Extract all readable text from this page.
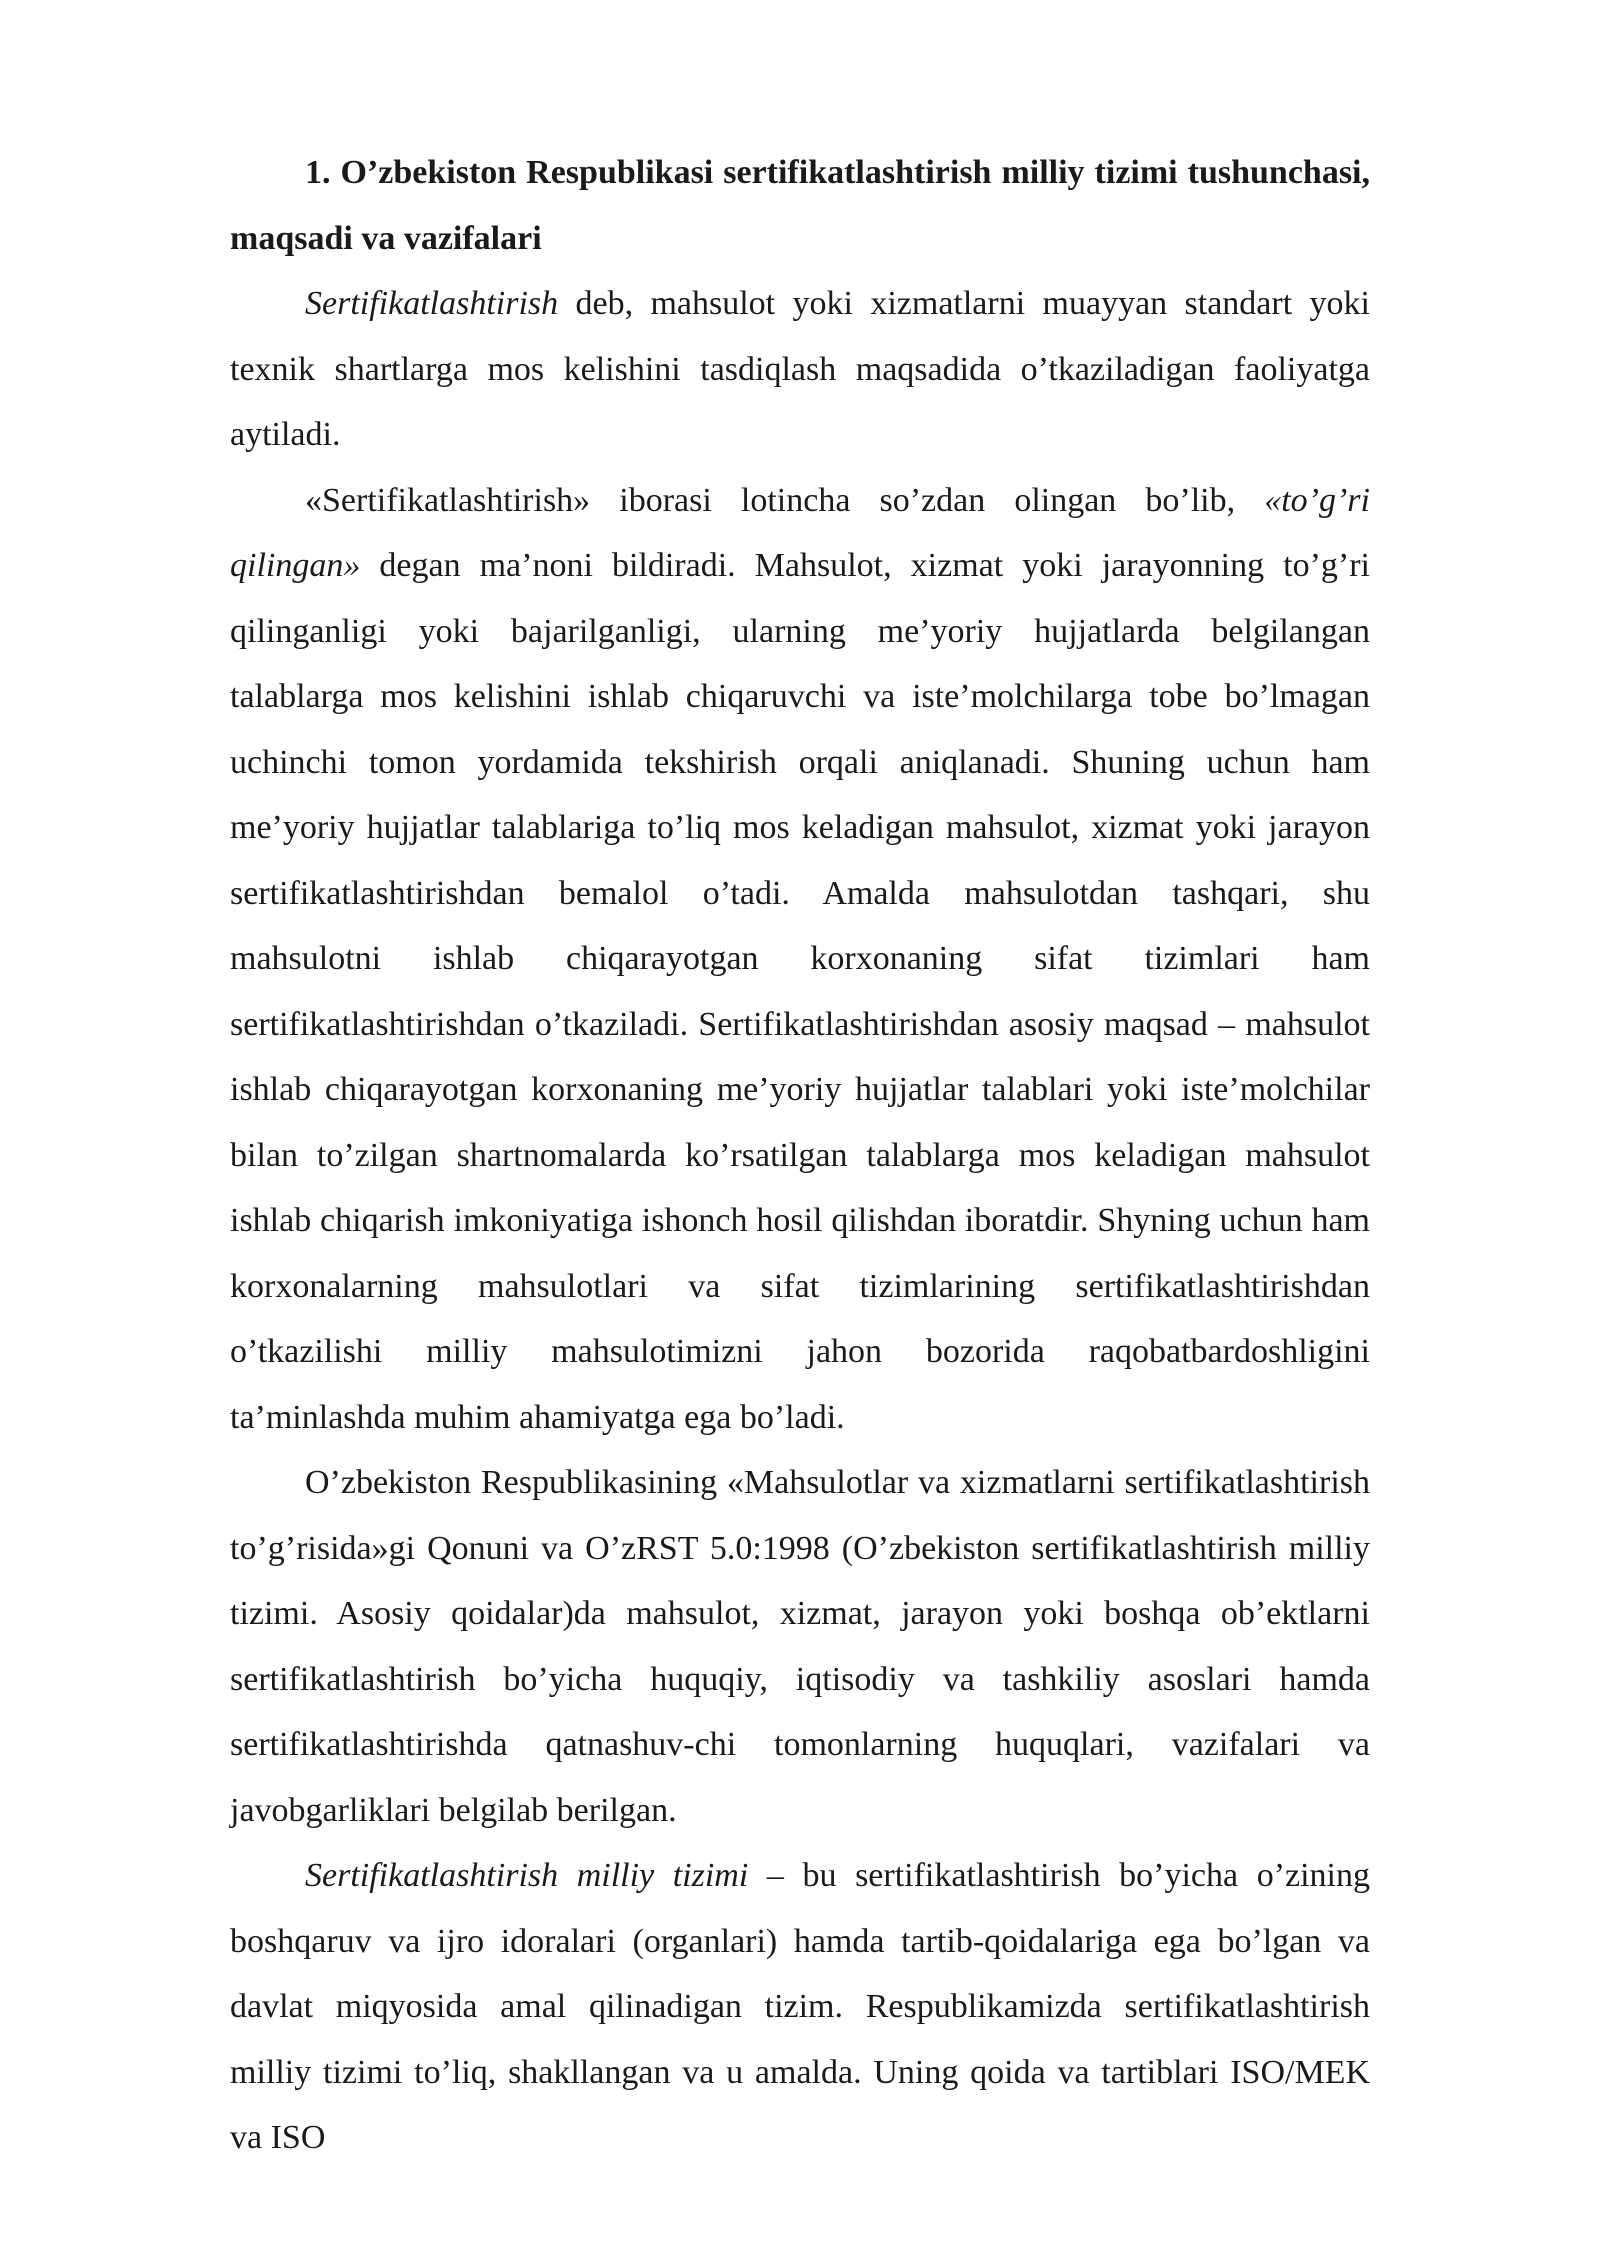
1. O’zbekiston Respublikasi sertifikatlashtirish milliy tizimi tushunchasi, maqsadi va vazifalari

Sertifikatlashtirish deb, mahsulot yoki xizmatlarni muayyan standart yoki texnik shartlarga mos kelishini tasdiqlash maqsadida o’tkaziladigan faoliyatga aytiladi.

«Sertifikatlashtirish» iborasi lotincha so’zdan olingan bo’lib, «to’g’ri qilingan» degan ma’noni bildiradi. Mahsulot, xizmat yoki jarayonning to’g’ri qilinganligi yoki bajarilganligi, ularning me’yoriy hujjatlarda belgilangan talablarga mos kelishini ishlab chiqaruvchi va iste’molchilarga tobe bo’lmagan uchinchi tomon yordamida tekshirish orqali aniqlanadi. Shuning uchun ham me’yoriy hujjatlar talablariga to’liq mos keladigan mahsulot, xizmat yoki jarayon sertifikatlashtirishdan bemalol o’tadi. Amalda mahsulotdan tashqari, shu mahsulotni ishlab chiqarayotgan korxonaning sifat tizimlari ham sertifikatlashtirishdan o’tkaziladi. Sertifikatlashtirishdan asosiy maqsad – mahsulot ishlab chiqarayotgan korxonaning me’yoriy hujjatlar talablari yoki iste’molchilar bilan to’zilgan shartnomalarda ko’rsatilgan talablarga mos keladigan mahsulot ishlab chiqarish imkoniyatiga ishonch hosil qilishdan iboratdir. Shyning uchun ham korxonalarning mahsulotlari va sifat tizimlarining sertifikatlashtirishdan o’tkazilishi milliy mahsulotimizni jahon bozorida raqobatbardoshligini ta’minlashda muhim ahamiyatga ega bo’ladi.

O’zbekiston Respublikasining «Mahsulotlar va xizmatlarni sertifikatlashtirish to’g’risida»gi Qonuni va O’zRST 5.0:1998 (O’zbekiston sertifikatlashtirish milliy tizimi. Asosiy qoidalar)da mahsulot, xizmat, jarayon yoki boshqa ob’ektlarni sertifikatlashtirish bo’yicha huquqiy, iqtisodiy va tashkiliy asoslari hamda sertifikatlashtirishda qatnashuv-chi tomonlarning huquqlari, vazifalari va javobgarliklari belgilab berilgan.

Sertifikatlashtirish milliy tizimi – bu sertifikatlashtirish bo’yicha o’zining boshqaruv va ijro idoralari (organlari) hamda tartib-qoidalariga ega bo’lgan va davlat miqyosida amal qilinadigan tizim. Respublikamizda sertifikatlashtirish milliy tizimi to’liq, shakllangan va u amalda. Uning qoida va tartiblari ISO/MEK va ISO
